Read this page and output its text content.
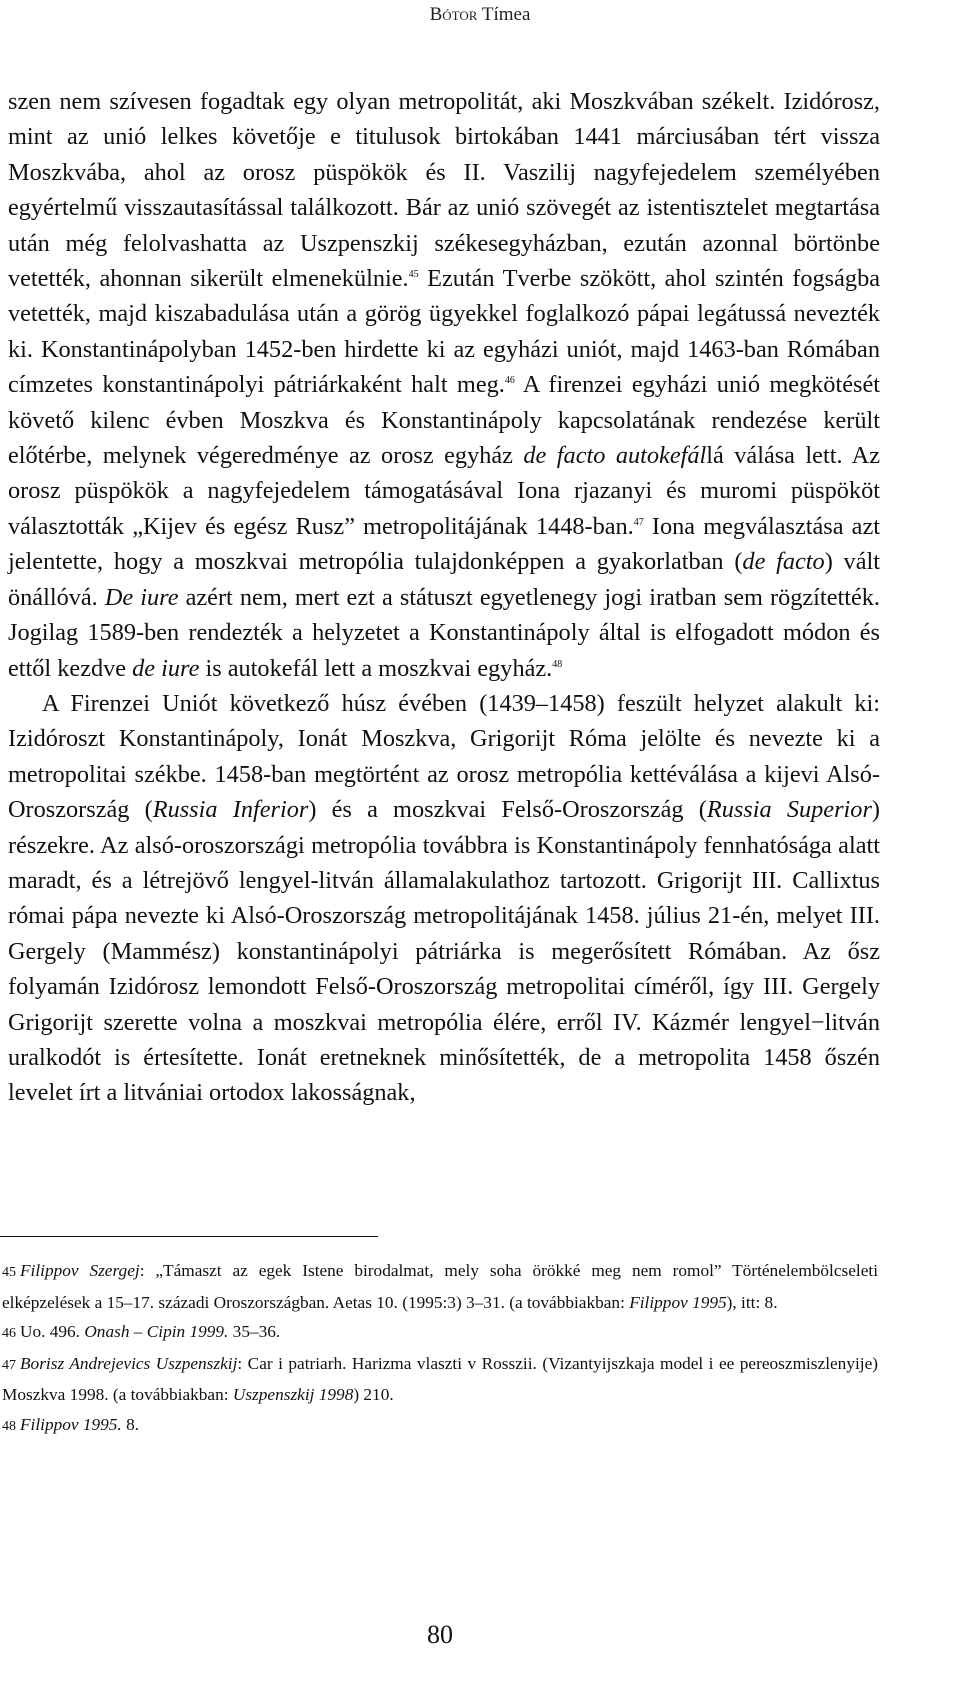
Bótor Tímea

szen nem szívesen fogadtak egy olyan metropolitát, aki Moszkvában székelt. Izidórosz, mint az unió lelkes követője e titulusok birtokában 1441 márciusában tért vissza Moszkvába, ahol az orosz püspökök és II. Vaszilij nagyfejedelem személyében egyértelmű visszautasítással találkozott. Bár az unió szövegét az istentisztelet megtartása után még felolvashatta az Uszpenszkij székesegyházban, ezután azonnal börtönbe vetették, ahonnan sikerült elmenekülnie.$^{45}$ Ezután Tverbe szökött, ahol szintén fogságba vetették, majd kiszabadulása után a görög ügyekkel foglalkozó pápai legátussá nevezték ki. Konstantinápolyban 1452-ben hirdette ki az egyházi uniót, majd 1463-ban Rómában címzetes konstantinápolyi pátriárkaként halt meg.$^{46}$ A firenzei egyházi unió megkötését követő kilenc évben Moszkva és Konstantinápoly kapcsolatának rendezése került előtérbe, melynek végeredménye az orosz egyház de facto autokefállá válása lett. Az orosz püspökök a nagyfejedelem támogatásával Iona rjazanyi és muromi püspököt választották „Kijev és egész Rusz” metropolitájának 1448-ban.$^{47}$ Iona megválasztása azt jelentette, hogy a moszkvai metropólia tulajdonképpen a gyakorlatban (de facto) vált önállóvá. De iure azért nem, mert ezt a státuszt egyetlenegy jogi iratban sem rögzítették. Jogilag 1589-ben rendezték a helyzetet a Konstantinápoly által is elfogadott módon és ettől kezdve de iure is autokefál lett a moszkvai egyház.$^{48}$

A Firenzei Uniót következő húsz évében (1439–1458) feszült helyzet alakult ki: Izidóroszt Konstantinápoly, Ionát Moszkva, Grigorijt Róma jelölte és nevezte ki a metropolitai székbe. 1458-ban megtörtént az orosz metropólia kettéválása a kijevi Alsó-Oroszország (Russia Inferior) és a moszkvai Felső-Oroszország (Russia Superior) részekre. Az alsó-oroszországi metropólia továbbra is Konstantinápoly fennhatósága alatt maradt, és a létrejövő lengyel-litván államalakulathoz tartozott. Grigorijt III. Callixtus római pápa nevezte ki Alsó-Oroszország metropolitájának 1458. július 21-én, melyet III. Gergely (Mammész) konstantinápolyi pátriárka is megerősített Rómában. Az ősz folyamán Izidórosz lemondott Felső-Oroszország metropolitai címéről, így III. Gergely Grigorijt szerette volna a moszkvai metropólia élére, erről IV. Kázmér lengyel−litván uralkodót is értesítette. Ionát eretneknek minősítették, de a metropolita 1458 őszén levelet írt a litvániai ortodox lakosságnak,

45 Filippov Szergej: „Támaszt az egek Istene birodalmat, mely soha örökké meg nem romol” Történelembölcseleti elképzelések a 15–17. századi Oroszországban. Aetas 10. (1995:3) 3–31. (a továbbiakban: Filippov 1995), itt: 8.

46 Uo. 496. Onash – Cipin 1999. 35–36.

47 Borisz Andrejevics Uszpenszkij: Car i patriarh. Harizma vlaszti v Rosszii. (Vizantyijszkaja model i ee pereoszmiszlenyije) Moszkva 1998. (a továbbiakban: Uszpenszkij 1998) 210.

48 Filippov 1995. 8.

80
